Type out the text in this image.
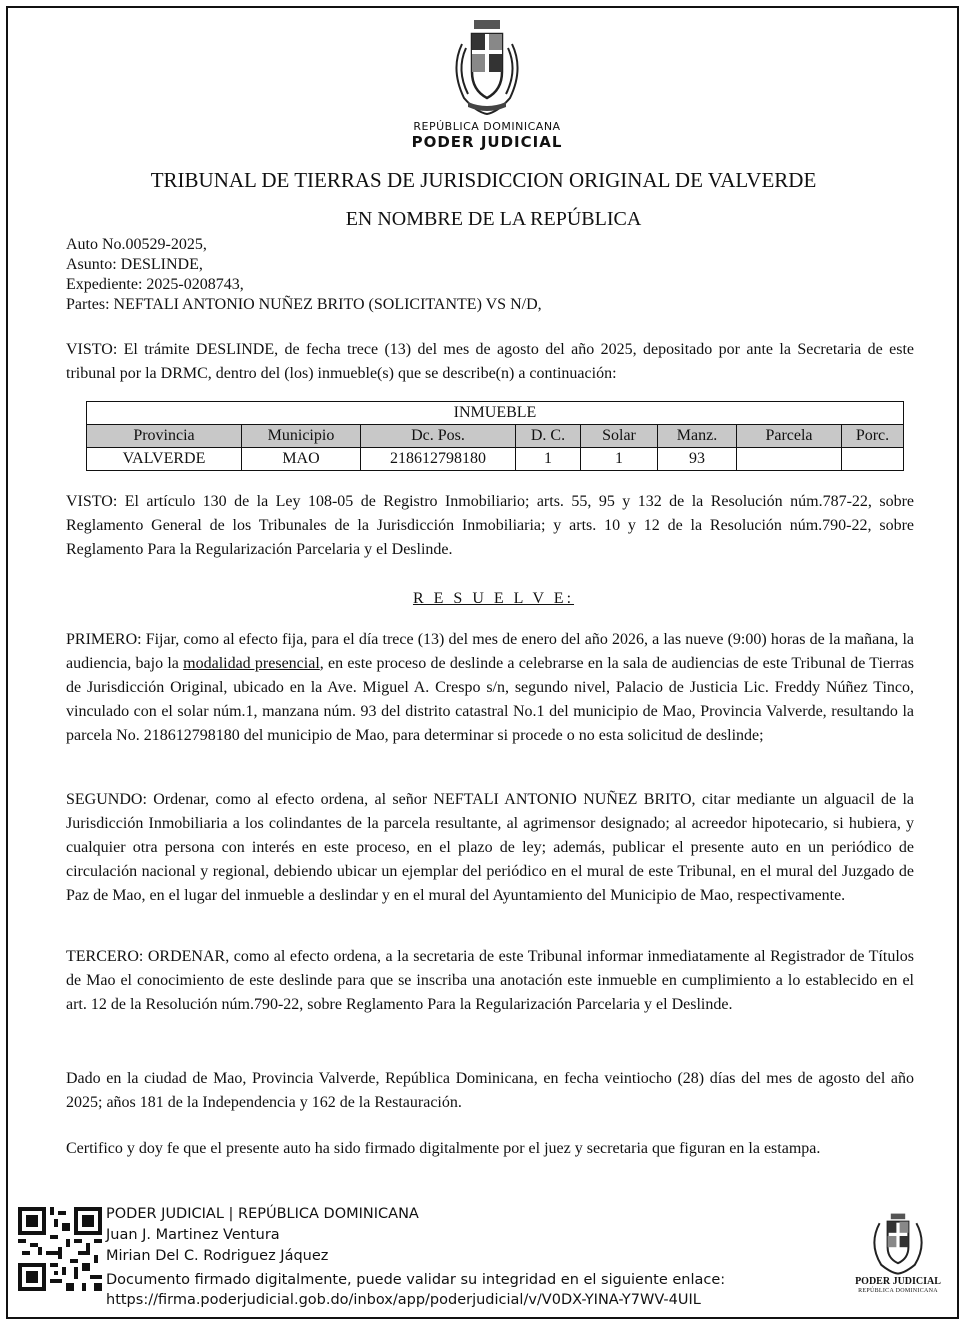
REPÚBLICA DOMINICANA
PODER JUDICIAL
TRIBUNAL DE TIERRAS DE JURISDICCION ORIGINAL DE VALVERDE
EN NOMBRE DE LA REPÚBLICA
Auto No.00529-2025,
Asunto: DESLINDE,
Expediente: 2025-0208743,
Partes: NEFTALI ANTONIO NUÑEZ BRITO (SOLICITANTE) VS N/D,
VISTO: El trámite DESLINDE, de fecha trece (13) del mes de agosto del año 2025, depositado por ante la Secretaria de este tribunal por la DRMC, dentro del (los) inmueble(s) que se describe(n) a continuación:
INMUEBLE							
Provincia	Municipio	Dc. Pos.	D. C.	Solar	Manz.	Parcela	Porc.
VALVERDE	MAO	218612798180	1	1	93		
VISTO: El artículo 130 de la Ley 108-05 de Registro Inmobiliario; arts. 55, 95 y 132 de la Resolución núm.787-22, sobre Reglamento General de los Tribunales de la Jurisdicción Inmobiliaria; y arts. 10 y 12 de la Resolución núm.790-22, sobre Reglamento Para la Regularización Parcelaria y el Deslinde.
R E S U E L V E:
PRIMERO: Fijar, como al efecto fija, para el día trece (13) del mes de enero del año 2026, a las nueve (9:00) horas de la mañana, la audiencia, bajo la modalidad presencial, en este proceso de deslinde a celebrarse en la sala de audiencias de este Tribunal de Tierras de Jurisdicción Original, ubicado en la Ave. Miguel A. Crespo s/n, segundo nivel, Palacio de Justicia Lic. Freddy Núñez Tinco, vinculado con el solar núm.1, manzana núm. 93 del distrito catastral No.1 del municipio de Mao, Provincia Valverde, resultando la parcela No. 218612798180 del municipio de Mao, para determinar si procede o no esta solicitud de deslinde;
SEGUNDO: Ordenar, como al efecto ordena, al señor NEFTALI ANTONIO NUÑEZ BRITO, citar mediante un alguacil de la Jurisdicción Inmobiliaria a los colindantes de la parcela resultante, al agrimensor designado; al acreedor hipotecario, si hubiera, y cualquier otra persona con interés en este proceso, en el plazo de ley; además, publicar el presente auto en un periódico de circulación nacional y regional, debiendo ubicar un ejemplar del periódico en el mural de este Tribunal, en el mural del Juzgado de Paz de Mao, en el lugar del inmueble a deslindar y en el mural del Ayuntamiento del Municipio de Mao, respectivamente.
TERCERO: ORDENAR, como al efecto ordena, a la secretaria de este Tribunal informar inmediatamente al Registrador de Títulos de Mao el conocimiento de este deslinde para que se inscriba una anotación este inmueble en cumplimiento a lo establecido en el art. 12 de la Resolución núm.790-22, sobre Reglamento Para la Regularización Parcelaria y el Deslinde.
Dado en la ciudad de Mao, Provincia Valverde, República Dominicana, en fecha veintiocho (28) días del mes de agosto del año 2025; años 181 de la Independencia y 162 de la Restauración.
Certifico y doy fe que el presente auto ha sido firmado digitalmente por el juez y secretaria que figuran en la estampa.
PODER JUDICIAL | REPÚBLICA DOMINICANA
Juan J. Martinez Ventura
Mirian Del C. Rodriguez Jáquez
Documento firmado digitalmente, puede validar su integridad en el siguiente enlace:
https://firma.poderjudicial.gob.do/inbox/app/poderjudicial/v/V0DX-YINA-Y7WV-4UIL
PODER JUDICIAL
REPÚBLICA DOMINICANA
